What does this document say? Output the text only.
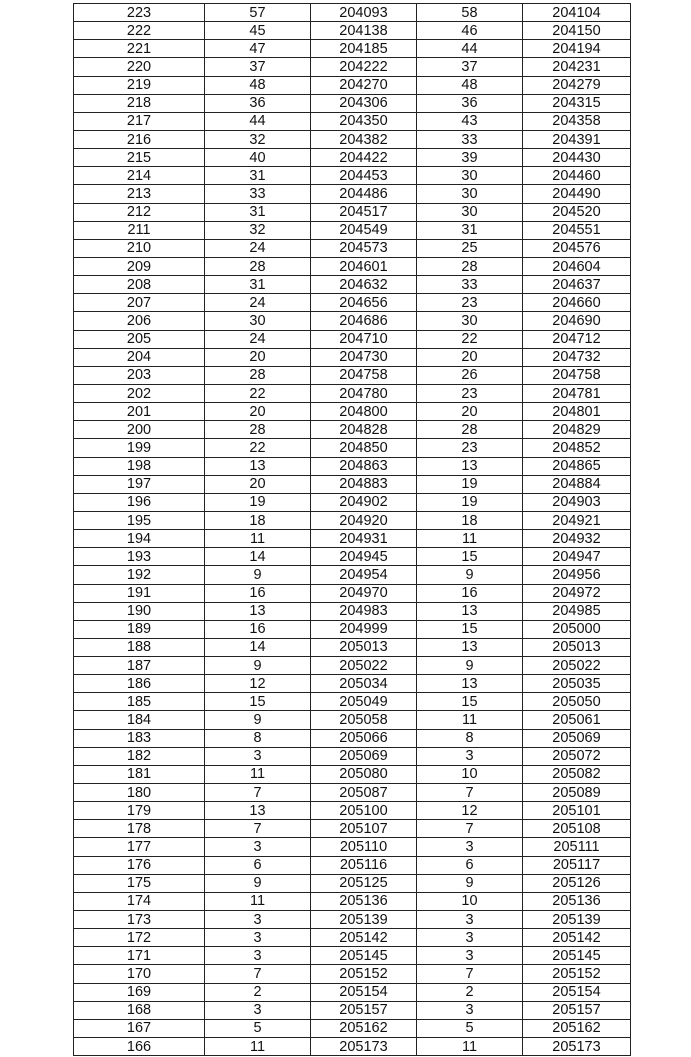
223	57	204093	58	204104
222	45	204138	46	204150
221	47	204185	44	204194
220	37	204222	37	204231
219	48	204270	48	204279
218	36	204306	36	204315
217	44	204350	43	204358
216	32	204382	33	204391
215	40	204422	39	204430
214	31	204453	30	204460
213	33	204486	30	204490
212	31	204517	30	204520
211	32	204549	31	204551
210	24	204573	25	204576
209	28	204601	28	204604
208	31	204632	33	204637
207	24	204656	23	204660
206	30	204686	30	204690
205	24	204710	22	204712
204	20	204730	20	204732
203	28	204758	26	204758
202	22	204780	23	204781
201	20	204800	20	204801
200	28	204828	28	204829
199	22	204850	23	204852
198	13	204863	13	204865
197	20	204883	19	204884
196	19	204902	19	204903
195	18	204920	18	204921
194	11	204931	11	204932
193	14	204945	15	204947
192	9	204954	9	204956
191	16	204970	16	204972
190	13	204983	13	204985
189	16	204999	15	205000
188	14	205013	13	205013
187	9	205022	9	205022
186	12	205034	13	205035
185	15	205049	15	205050
184	9	205058	11	205061
183	8	205066	8	205069
182	3	205069	3	205072
181	11	205080	10	205082
180	7	205087	7	205089
179	13	205100	12	205101
178	7	205107	7	205108
177	3	205110	3	205111
176	6	205116	6	205117
175	9	205125	9	205126
174	11	205136	10	205136
173	3	205139	3	205139
172	3	205142	3	205142
171	3	205145	3	205145
170	7	205152	7	205152
169	2	205154	2	205154
168	3	205157	3	205157
167	5	205162	5	205162
166	11	205173	11	205173
